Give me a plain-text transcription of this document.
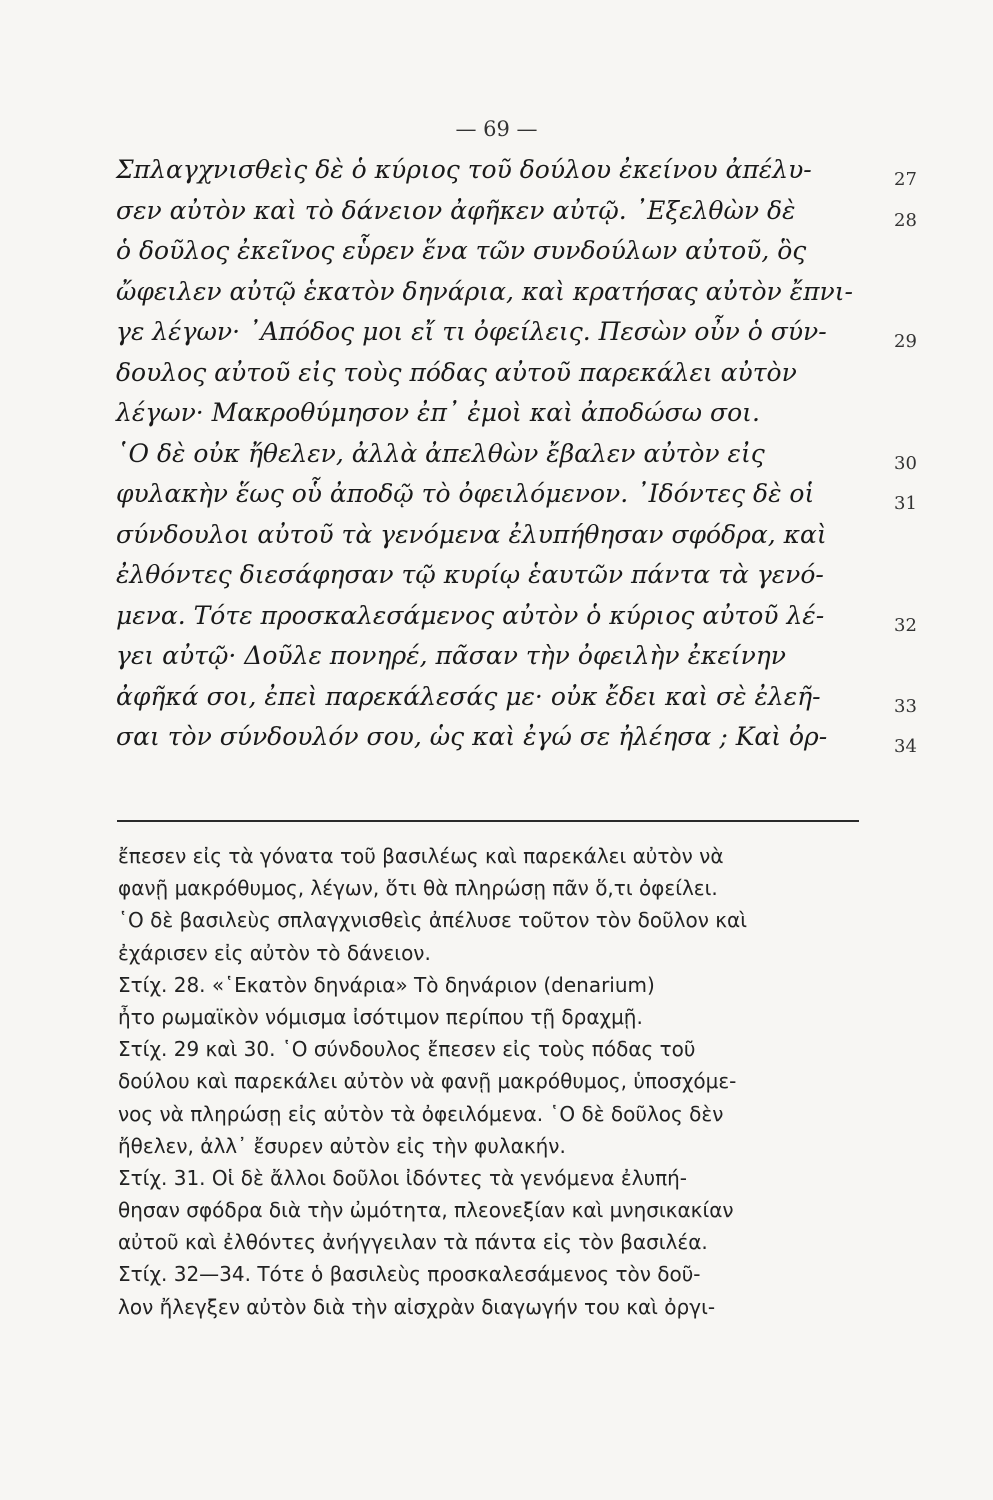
— 69 —
Σπλαγχνισθεὶς δὲ ὁ κύριος τοῦ δούλου ἐκείνου ἀπέλυ-	27
σεν αὐτὸν καὶ τὸ δάνειον ἀφῆκεν αὐτῷ. ᾿Εξελθὼν δὲ	28
ὁ δοῦλος ἐκεῖνος εὗρεν ἕνα τῶν συνδούλων αὐτοῦ, ὃς
ὤφειλεν αὐτῷ ἑκατὸν δηνάρια, καὶ κρατήσας αὐτὸν ἔπνι-
γε λέγων· ᾿Απόδος μοι εἴ τι ὀφείλεις. Πεσὼν οὖν ὁ σύν-	29
δουλος αὐτοῦ εἰς τοὺς πόδας αὐτοῦ παρεκάλει αὐτὸν
λέγων· Μακροθύμησον ἐπ᾿ ἐμοὶ καὶ ἀποδώσω σοι.
῾Ο δὲ οὐκ ἤθελεν, ἀλλὰ ἀπελθὼν ἔβαλεν αὐτὸν εἰς	30
φυλακὴν ἕως οὗ ἀποδῷ τὸ ὀφειλόμενον. ᾿Ιδόντες δὲ οἱ	31
σύνδουλοι αὐτοῦ τὰ γενόμενα ἐλυπήθησαν σφόδρα, καὶ
ἐλθόντες διεσάφησαν τῷ κυρίῳ ἑαυτῶν πάντα τὰ γενό-
μενα. Τότε προσκαλεσάμενος αὐτὸν ὁ κύριος αὐτοῦ λέ-	32
γει αὐτῷ· Δοῦλε πονηρέ, πᾶσαν τὴν ὀφειλὴν ἐκείνην
ἀφῆκά σοι, ἐπεὶ παρεκάλεσάς με· οὐκ ἔδει καὶ σὲ ἐλεῆ-	33
σαι τὸν σύνδουλόν σου, ὡς καὶ ἐγώ σε ἠλέησα ; Καὶ ὀρ-	34
ἔπεσεν εἰς τὰ γόνατα τοῦ βασιλέως καὶ παρεκάλει αὐτὸν νὰ
φανῇ μακρόθυμος, λέγων, ὅτι θὰ πληρώσῃ πᾶν ὅ,τι ὀφείλει.
῾Ο δὲ βασιλεὺς σπλαγχνισθεὶς ἀπέλυσε τοῦτον τὸν δοῦλον καὶ
ἐχάρισεν εἰς αὐτὸν τὸ δάνειον.
Στίχ. 28. «῾Εκατὸν δηνάρια» Τὸ δηνάριον (denarium)
ἦτο ρωμαϊκὸν νόμισμα ἰσότιμον περίπου τῇ δραχμῇ.
Στίχ. 29 καὶ 30. ῾Ο σύνδουλος ἔπεσεν εἰς τοὺς πόδας τοῦ
δούλου καὶ παρεκάλει αὐτὸν νὰ φανῇ μακρόθυμος, ὑποσχόμε-
νος νὰ πληρώσῃ εἰς αὐτὸν τὰ ὀφειλόμενα. ῾Ο δὲ δοῦλος δὲν
ἤθελεν, ἀλλ᾿ ἔσυρεν αὐτὸν εἰς τὴν φυλακήν.
Στίχ. 31. Οἱ δὲ ἄλλοι δοῦλοι ἰδόντες τὰ γενόμενα ἐλυπή-
θησαν σφόδρα διὰ τὴν ὠμότητα, πλεονεξίαν καὶ μνησικακίαν
αὐτοῦ καὶ ἐλθόντες ἀνήγγειλαν τὰ πάντα εἰς τὸν βασιλέα.
Στίχ. 32—34. Τότε ὁ βασιλεὺς προσκαλεσάμενος τὸν δοῦ-
λον ἤλεγξεν αὐτὸν διὰ τὴν αἰσχρὰν διαγωγήν του καὶ ὀργι-
